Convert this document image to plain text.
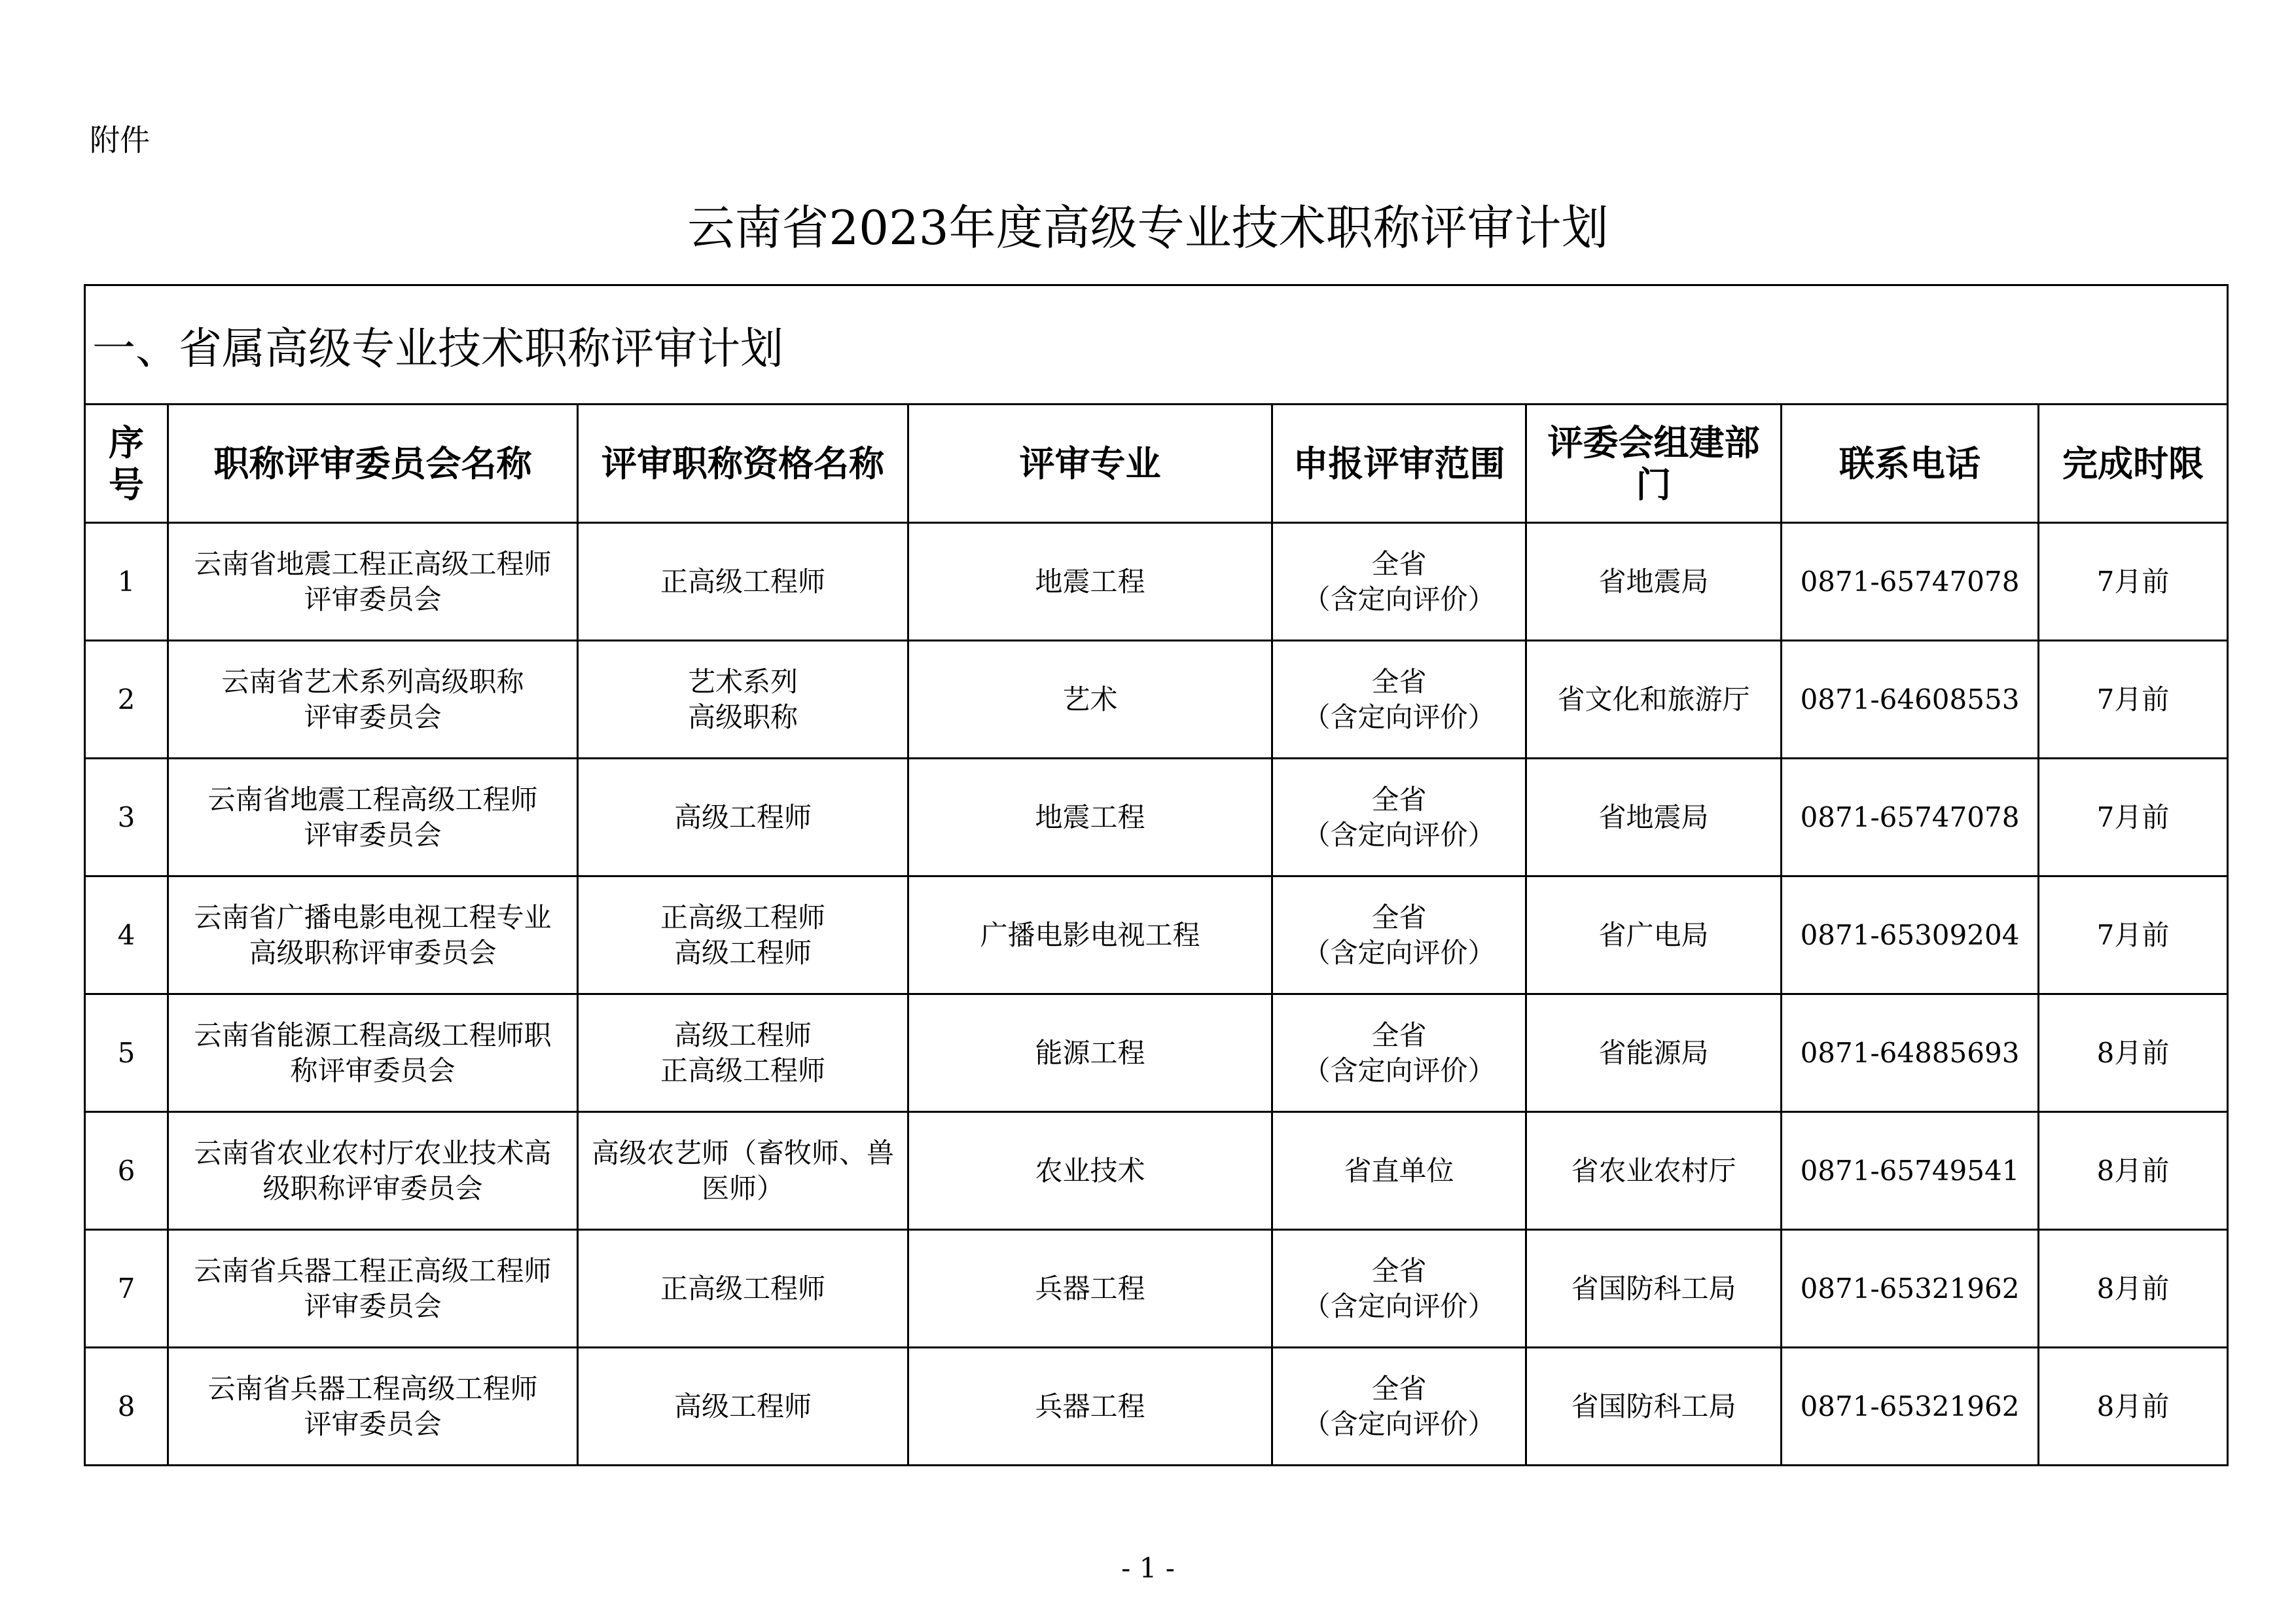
附件
云南省2023年度高级专业技术职称评审计划
一、省属高级专业技术职称评审计划							

序
号	职称评审委员会名称	评审职称资格名称	评审专业	申报评审范围	评委会组建部
门	联系电话	完成时限

1	云南省地震工程正高级工程师
评审委员会	正高级工程师	地震工程	全省
（含定向评价）	省地震局	0871-65747078	7月前
2	云南省艺术系列高级职称
评审委员会	艺术系列
高级职称	艺术	全省
（含定向评价）	省文化和旅游厅	0871-64608553	7月前
3	云南省地震工程高级工程师
评审委员会	高级工程师	地震工程	全省
（含定向评价）	省地震局	0871-65747078	7月前
4	云南省广播电影电视工程专业
高级职称评审委员会	正高级工程师
高级工程师	广播电影电视工程	全省
（含定向评价）	省广电局	0871-65309204	7月前
5	云南省能源工程高级工程师职
称评审委员会	高级工程师
正高级工程师	能源工程	全省
（含定向评价）	省能源局	0871-64885693	8月前
6	云南省农业农村厅农业技术高
级职称评审委员会	高级农艺师（畜牧师、兽
医师）	农业技术	省直单位	省农业农村厅	0871-65749541	8月前
7	云南省兵器工程正高级工程师
评审委员会	正高级工程师	兵器工程	全省
（含定向评价）	省国防科工局	0871-65321962	8月前
8	云南省兵器工程高级工程师
评审委员会	高级工程师	兵器工程	全省
（含定向评价）	省国防科工局	0871-65321962	8月前
- 1 -
